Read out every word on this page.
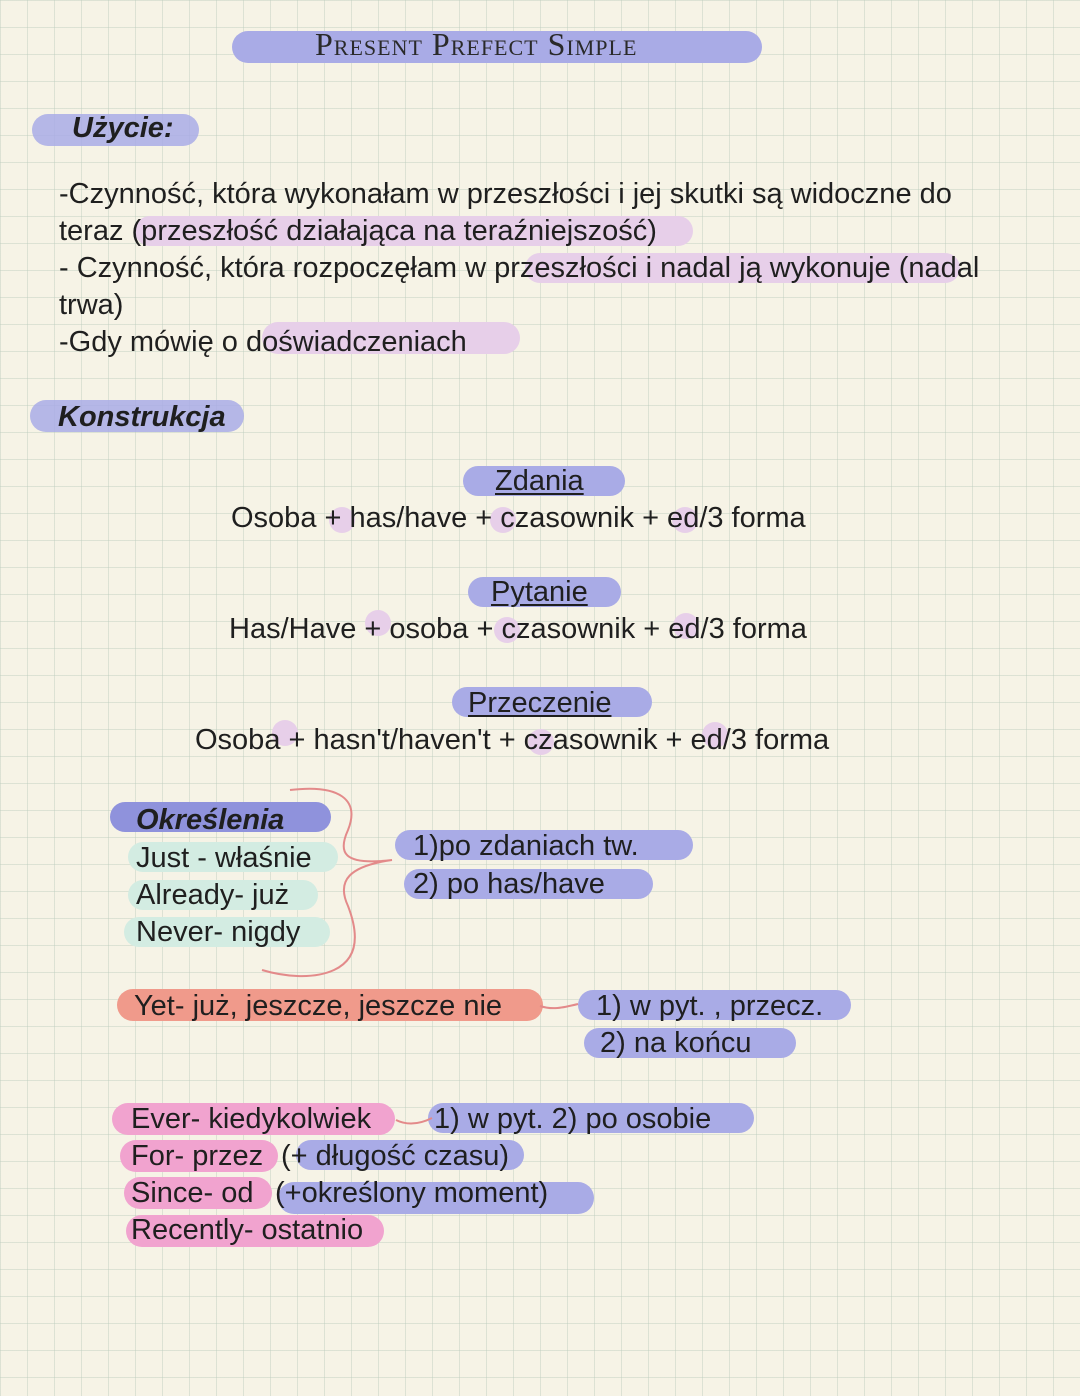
Present Prefect Simple
Użycie:
-Czynność, która wykonałam w przeszłości i jej skutki są widoczne do
teraz (przeszłość działająca na teraźniejszość)
- Czynność, która rozpoczęłam w przeszłości i nadal ją wykonuje (nadal
trwa)
-Gdy mówię o doświadczeniach
Konstrukcja
Zdania
Osoba + has/have + czasownik + ed/3 forma
Pytanie
Has/Have + osoba + czasownik + ed/3 forma
Przeczenie
Osoba + hasn't/haven't + czasownik + ed/3 forma
Określenia
Just - właśnie
Already- już
Never- nigdy
1)po zdaniach tw.
2) po has/have
Yet- już, jeszcze, jeszcze nie	1) w pyt. , przecz.
2) na końcu
Ever- kiedykolwiek 1) w pyt. 2) po osobie
For- przez (+ długość czasu)
Since- od (+określony moment)
Recently- ostatnio
